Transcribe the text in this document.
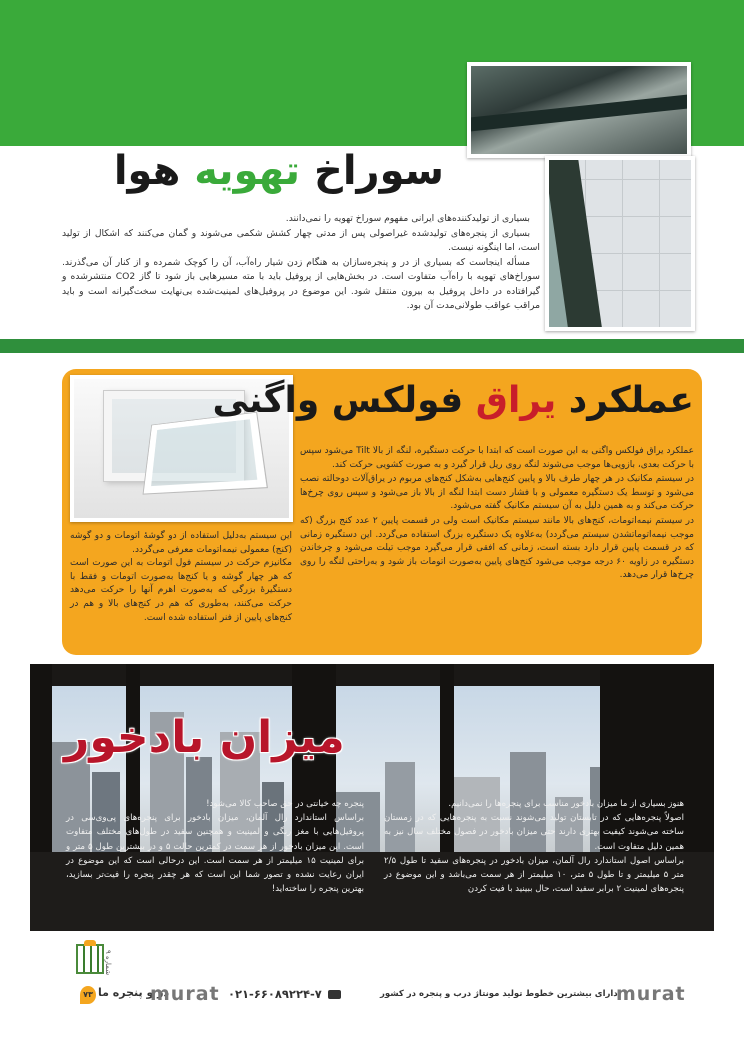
سوراخ تهویه هوا

بسیاری از تولیدکننده‌های ایرانی مفهوم سوراخ تهویه را نمی‌دانند.

بسیاری از پنجره‌های تولیدشده غیراصولی پس از مدتی چهار کشش شکمی می‌شوند و گمان می‌کنند که اشکال از تولید است، اما اینگونه نیست.

مسأله اینجاست که بسیاری از در و پنجره‌سازان به هنگام زدن شیار راه‌آب، آن را کوچک شمرده و از کنار آن می‌گذرند. سوراخ‌های تهویه با راه‌آب متفاوت است. در بخش‌هایی از پروفیل باید با مته مسیرهایی باز شود تا گاز CO2 منتشرشده و گیرافتاده در داخل پروفیل به بیرون منتقل شود. این موضوع در پروفیل‌های لمینیت‌شده بی‌نهایت سخت‌گیرانه است و باید مراقب عواقب طولانی‌مدت آن بود.

عملکرد یراق فولکس واگنی

عملکرد یراق فولکس واگنی به این صورت است که ابتدا با حرکت دستگیره، لنگه از بالا Tilt می‌شود سپس با حرکت بعدی، بازویی‌ها موجب می‌شوند لنگه روی ریل قرار گیرد و به صورت کشویی حرکت کند.

در سیستم مکانیک در هر چهار طرف بالا و پایین کنج‌هایی به‌شکل کنج‌های مربوم در یراق‌آلات دوحالته نصب می‌شود و توسط یک دستگیره معمولی و با فشار دست ابتدا لنگه از بالا باز می‌شود و سپس روی چرخ‌ها حرکت می‌کند و به همین دلیل به آن سیستم مکانیک گفته می‌شود.

در سیستم نیمه‌اتومات، کنج‌های بالا مانند سیستم مکانیک است ولی در قسمت پایین ۲ عدد کنج بزرگ (که موجب نیمه‌اتوماتشدن سیستم می‌گردد) به‌علاوه یک دستگیره بزرگ استفاده می‌گردد. این دستگیره زمانی که در قسمت پایین قرار دارد بسته است، زمانی که افقی قرار می‌گیرد موجب تیلت می‌شود و چرخاندن دستگیره در زاویه ۶۰ درجه موجب می‌شود کنج‌های پایین به‌صورت اتومات باز شود و به‌راحتی لنگه را روی چرخ‌ها قرار می‌دهد.

این سیستم به‌دلیل استفاده از دو گوشهٔ اتومات و دو گوشه (کنج) معمولی نیمه‌اتومات معرفی می‌گردد.

مکانیزم حرکت در سیستم فول اتومات به این صورت است که هر چهار گوشه و یا کنج‌ها به‌صورت اتومات و فقط با دستگیرهٔ بزرگی که به‌صورت اهرم آنها را حرکت می‌دهد حرکت می‌کنند، به‌طوری که هم در کنج‌های بالا و هم در کنج‌های پایین از فنر استفاده شده است.

میزان بادخور

هنوز بسیاری از ما میزان بادخور مناسب برای پنجره‌ها را نمی‌دانیم.

اصولاً پنجره‌هایی که در تابستان تولید می‌شوند نسبت به پنجره‌هایی که در زمستان ساخته می‌شوند کیفیت بهتری دارند حتی میزان بادخور در فصول مختلف سال نیز به همین دلیل متفاوت است.

براساس اصول استاندارد رال آلمان، میزان بادخور در پنجره‌های سفید تا طول ۲/۵ متر ۵ میلیمتر و تا طول ۵ متر، ۱۰ میلیمتر از هر سمت می‌باشد و این موضوع در پنجره‌های لمینیت ۲ برابر سفید است، حال ببینید با فیت کردن

پنجره چه خیانتی در حق صاحب کالا می‌شود!

براساس استاندارد رال آلمان، میزان بادخور برای پنجره‌های پی‌وی‌سی در پروفیل‌هایی با مغز رنگی و لمینیت و همچنین سفید در طول‌های مختلف متفاوت است. این میزان بادخور از هر سمت در کمترین حالت ۵ و در بیشترین طول ۵ متر و برای لمینیت ۱۵ میلیمتر از هر سمت است. این درحالی است که این موضوع در ایران رعایت نشده و تصور شما این است که هر چقدر پنجره را فیت‌تر بسازید، بهترین پنجره را ساخته‌اید!

شماره ۹
۷۳ در و پنجره ما
murat ۰۲۱-۶۶۰۸۹۲۲۴-۷	دارای بیشترین خطوط تولید مونتاژ درب و پنجره در کشور
murat
